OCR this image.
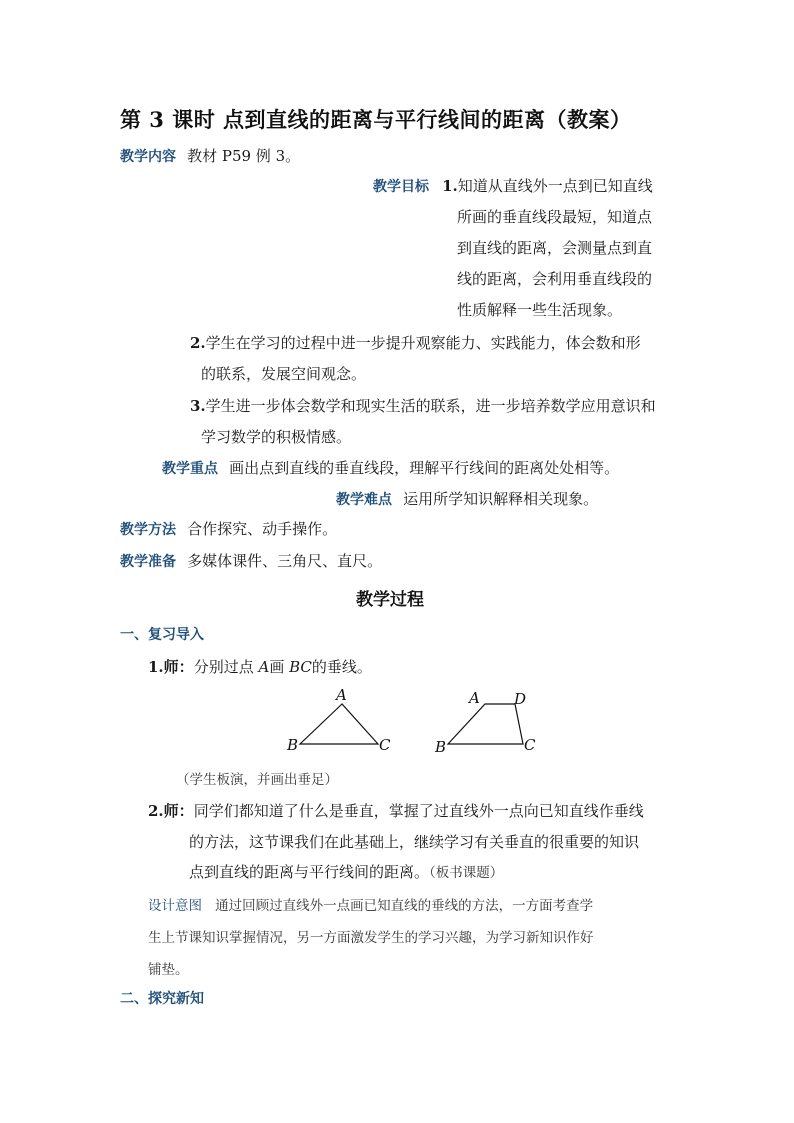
第 3 课时 点到直线的距离与平行线间的距离（教案）
教学内容 教材 P59 例 3。
教学目标 1.知道从直线外一点到已知直线
所画的垂直线段最短，知道点
到直线的距离，会测量点到直
线的距离，会利用垂直线段的
性质解释一些生活现象。
2.学生在学习的过程中进一步提升观察能力、实践能力，体会数和形
的联系，发展空间观念。
3.学生进一步体会数学和现实生活的联系，进一步培养数学应用意识和
学习数学的积极情感。
教学重点 画出点到直线的垂直线段，理解平行线间的距离处处相等。
教学难点 运用所学知识解释相关现象。
教学方法 合作探究、动手操作。
教学准备 多媒体课件、三角尺、直尺。
教学过程
一、复习导入
1.师：分别过点 A画 BC的垂线。
A
B	C
A D
B	C
（学生板演，并画出垂足）
2.师：同学们都知道了什么是垂直，掌握了过直线外一点向已知直线作垂线
的方法，这节课我们在此基础上，继续学习有关垂直的很重要的知识
点到直线的距离与平行线间的距离。（板书课题）
设计意图 通过回顾过直线外一点画已知直线的垂线的方法，一方面考查学
生上节课知识掌握情况，另一方面激发学生的学习兴趣，为学习新知识作好
铺垫。
二、探究新知
